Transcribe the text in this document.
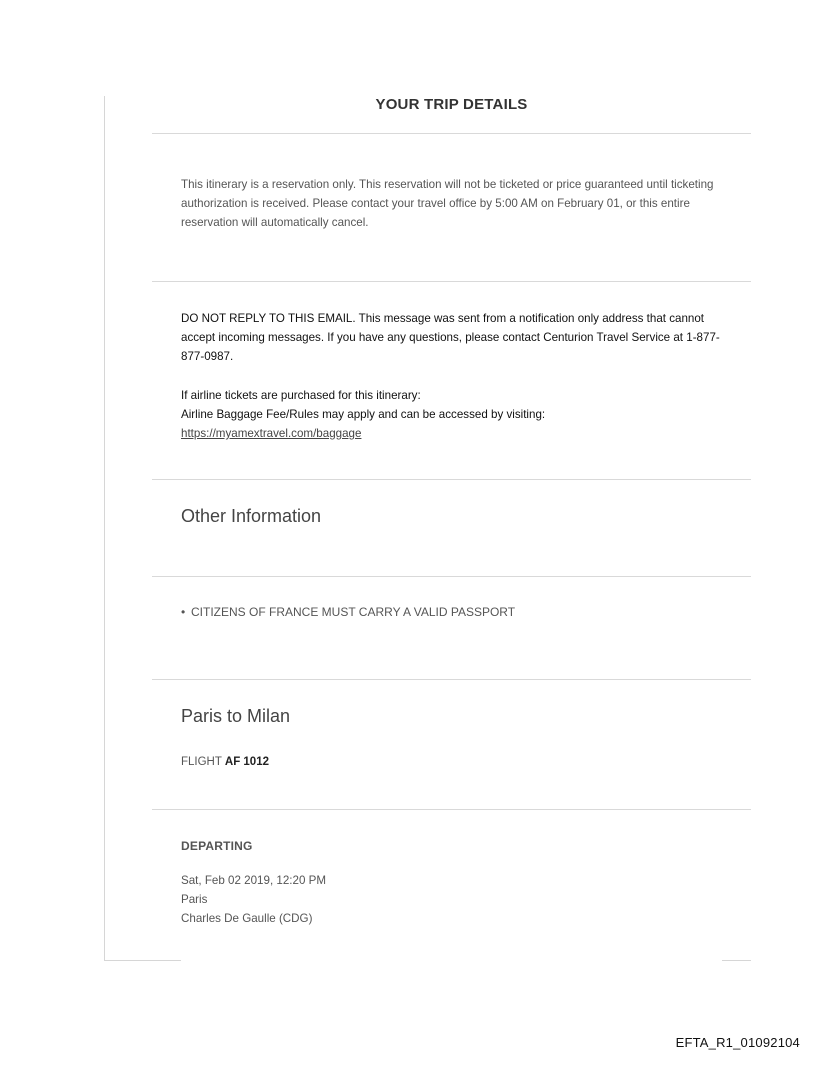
YOUR TRIP DETAILS

This itinerary is a reservation only. This reservation will not be ticketed or price guaranteed until ticketing authorization is received. Please contact your travel office by 5:00 AM on February 01, or this entire reservation will automatically cancel.

DO NOT REPLY TO THIS EMAIL. This message was sent from a notification only address that cannot accept incoming messages. If you have any questions, please contact Centurion Travel Service at 1-877-877-0987.

If airline tickets are purchased for this itinerary:
Airline Baggage Fee/Rules may apply and can be accessed by visiting:
https://myamextravel.com/baggage
Other Information

• CITIZENS OF FRANCE MUST CARRY A VALID PASSPORT

Paris to Milan

FLIGHT AF 1012

DEPARTING

Sat, Feb 02 2019, 12:20 PM
Paris
Charles De Gaulle (CDG)
EFTA_R1_01092104
